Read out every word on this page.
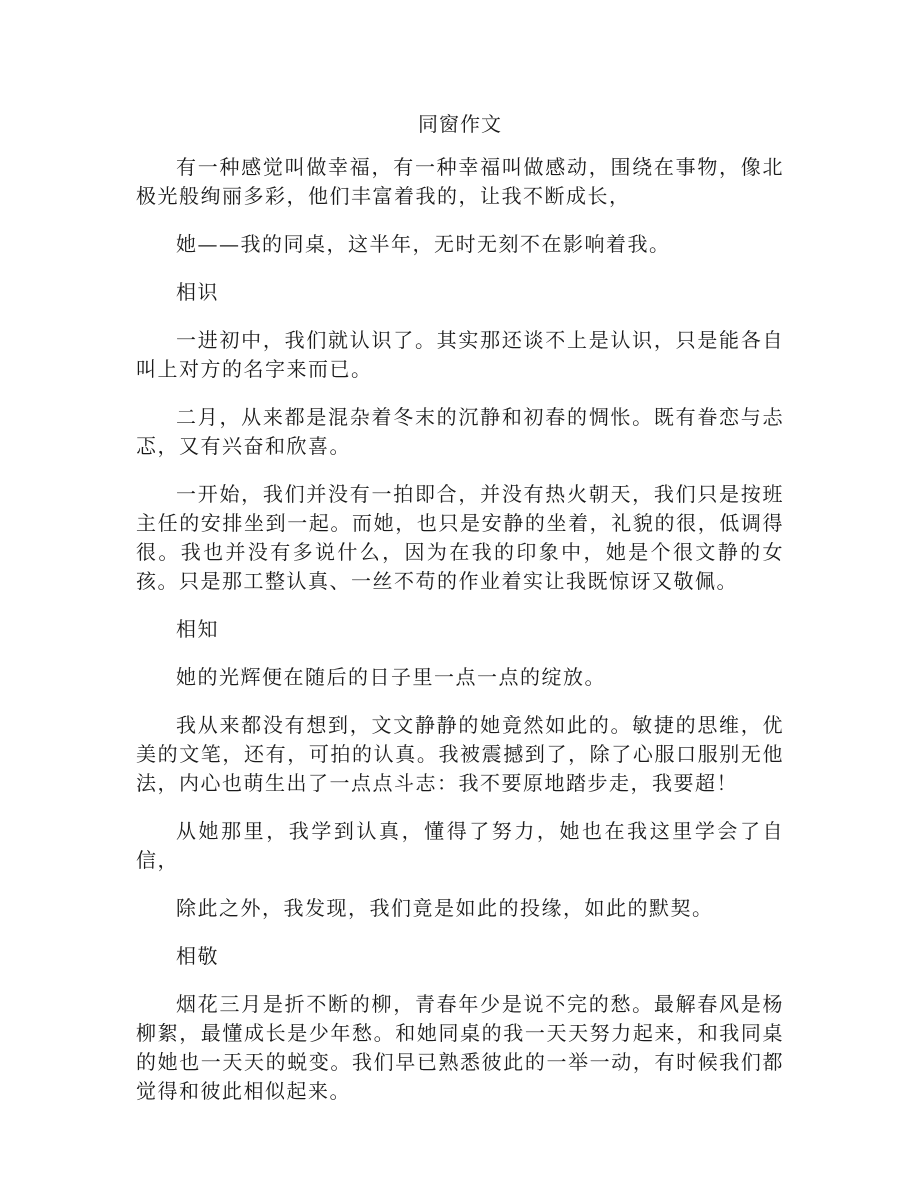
同窗作文

有一种感觉叫做幸福，有一种幸福叫做感动，围绕在事物，像北极光般绚丽多彩，他们丰富着我的，让我不断成长，

她——我的同桌，这半年，无时无刻不在影响着我。

相识

一进初中，我们就认识了。其实那还谈不上是认识，只是能各自叫上对方的名字来而已。

二月，从来都是混杂着冬末的沉静和初春的惆怅。既有眷恋与忐忑，又有兴奋和欣喜。

一开始，我们并没有一拍即合，并没有热火朝天，我们只是按班主任的安排坐到一起。而她，也只是安静的坐着，礼貌的很，低调得很。我也并没有多说什么，因为在我的印象中，她是个很文静的女孩。只是那工整认真、一丝不苟的作业着实让我既惊讶又敬佩。

相知

她的光辉便在随后的日子里一点一点的绽放。

我从来都没有想到，文文静静的她竟然如此的。敏捷的思维，优美的文笔，还有，可拍的认真。我被震撼到了，除了心服口服别无他法，内心也萌生出了一点点斗志：我不要原地踏步走，我要超！

从她那里，我学到认真，懂得了努力，她也在我这里学会了自信，

除此之外，我发现，我们竟是如此的投缘，如此的默契。

相敬

烟花三月是折不断的柳，青春年少是说不完的愁。最解春风是杨柳絮，最懂成长是少年愁。和她同桌的我一天天努力起来，和我同桌的她也一天天的蜕变。我们早已熟悉彼此的一举一动，有时候我们都觉得和彼此相似起来。
